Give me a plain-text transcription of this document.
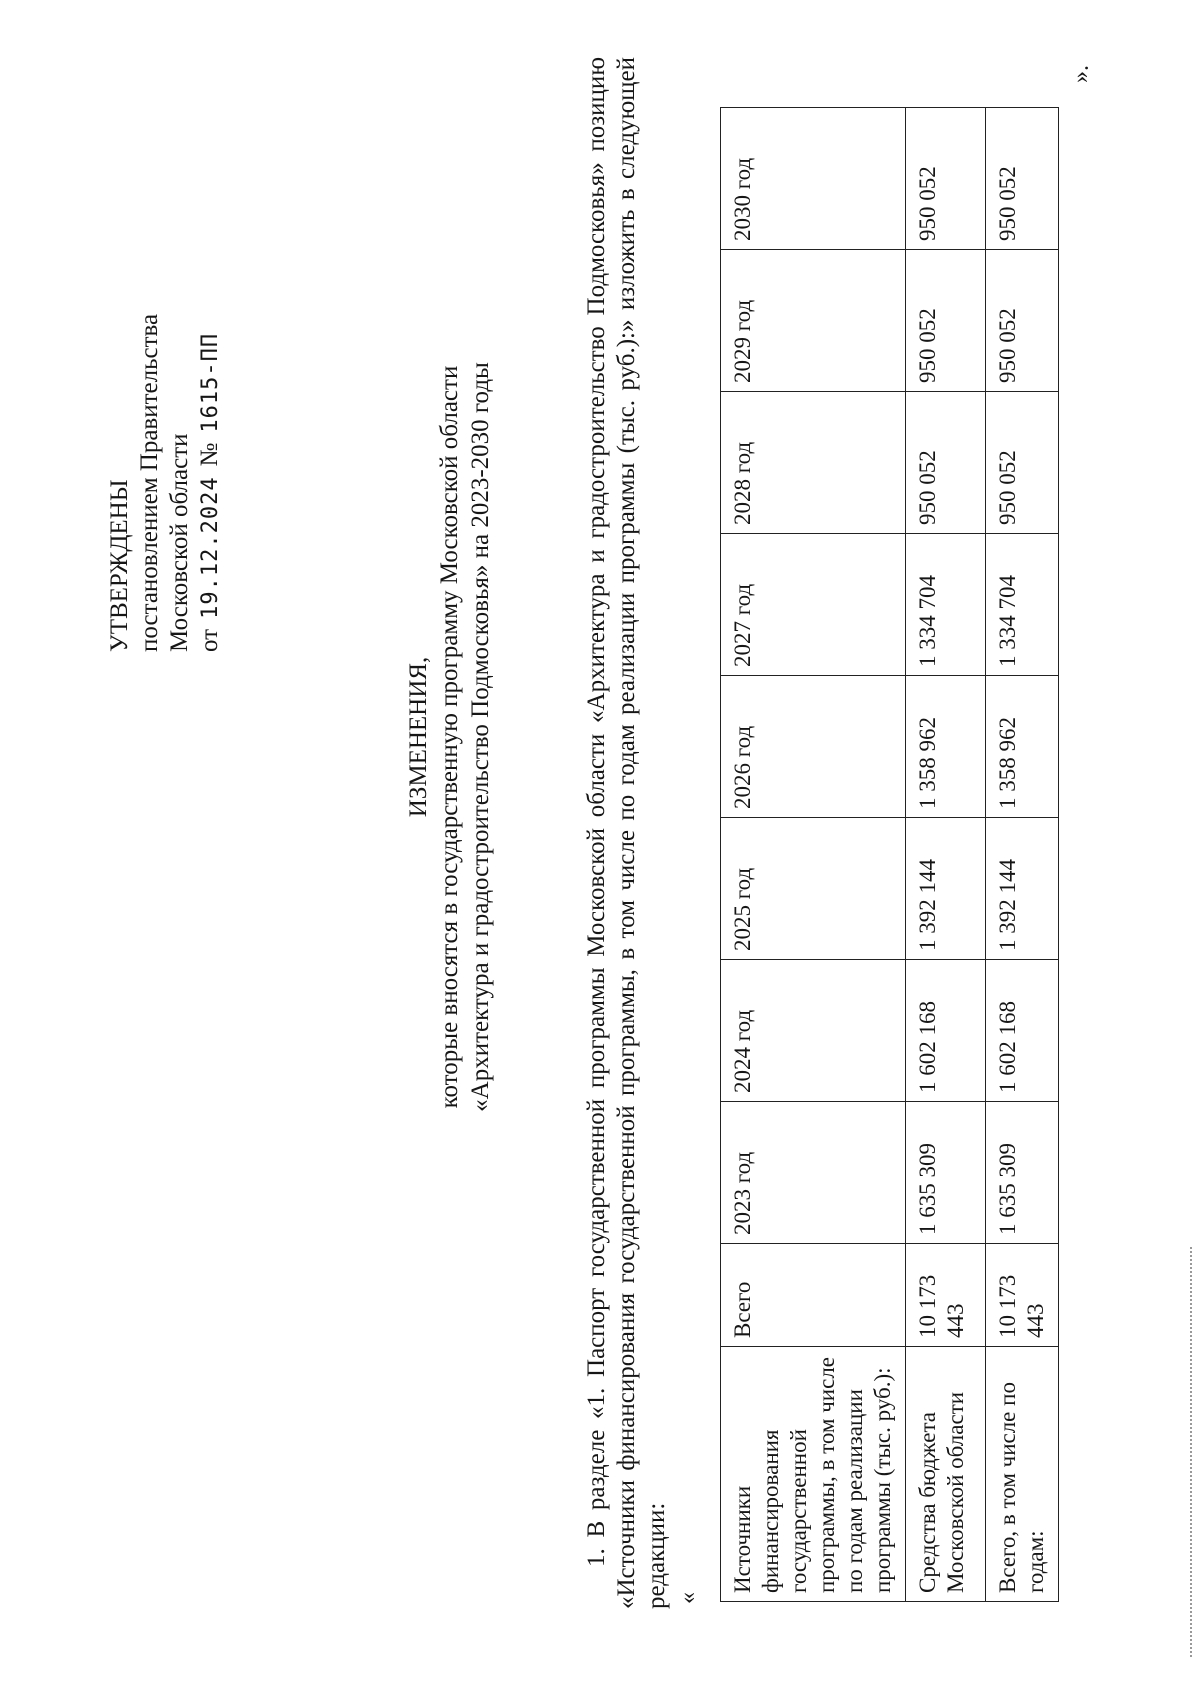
УТВЕРЖДЕНЫ постановлением Правительства Московской области от19.12.2024№1615-ПП
ИЗМЕНЕНИЯ, которые вносятся в государственную программу Московской области «Архитектура и градостроительство Подмосковья» на 2023-2030 годы	1. В разделе «1. Паспорт государственной программы Московской области «Архитектура и градостроительство Подмосковья» позицию «Источники финансирования государственной программы, в том числе по годам реализации программы (тыс. руб.):» изложить в следующей редакции: «
Источники финансирования государственной программы, в том числе по годам реализации программы (тыс. руб.):	Всего	2023 год	2024 год	2025 год	2026 год	2027 год	2028 год	2029 год	2030 год
Средства бюджета Московской области	10 173 443	1 635 309	1 602 168	1 392 144	1 358 962	1 334 704	950 052	950 052	950 052
Всего, в том числе по годам:	10 173 443	1 635 309	1 602 168	1 392 144	1 358 962	1 334 704	950 052	950 052	950 052
».
